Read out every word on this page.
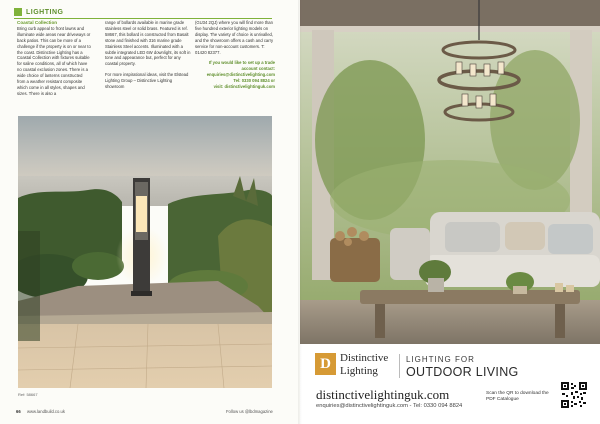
LIGHTING
Coastal Collection

Bring curb appeal to front lawns and illuminate wide areas near driveways or back patios. This can be more of a challenge if the property is on or near to the coast. Distinctive Lighting has a Coastal Collection with fixtures suitable for saline conditions, all of which have no coastal exclusion zones. There is a wide choice of lanterns constructed from a weather resistant composite which come in all styles, shapes and sizes. There is also a

range of bollards available in marine grade stainless steel or solid brass. Featured is ref. 58667, this bollard is constructed from Basalt stone and finished with 316 marine grade Stainless Steel accents. Illuminated with a subtle integrated LED 6W downlight, its soft in tone and appearance but, perfect for any coastal property.

For more inspirational ideas, visit the Elstead Lighting Group – Distinctive Lighting showroom

(GU34 2QJ) where you will find more than five hundred exterior lighting models on display. The variety of choice is unrivalled, and the showroom offers a cash and carry service for non-account customers. T: 01420 82377.

If you would like to set up a trade
account contact:
enquiries@distinctivelighting.com
Tel: 0330 094 8824 or
visit: distinctivelightinguk.com
Ref: 58667
66 www.landbuild.co.uk	Follow us @lbdmagazine
D Distinctive
Lighting
LIGHTING FOR
OUTDOOR LIVING
distinctivelightinguk.com
enquiries@distinctivelightinguk.com - Tel: 0330 094 8824
Scan the QR to download the PDF Catalogue
